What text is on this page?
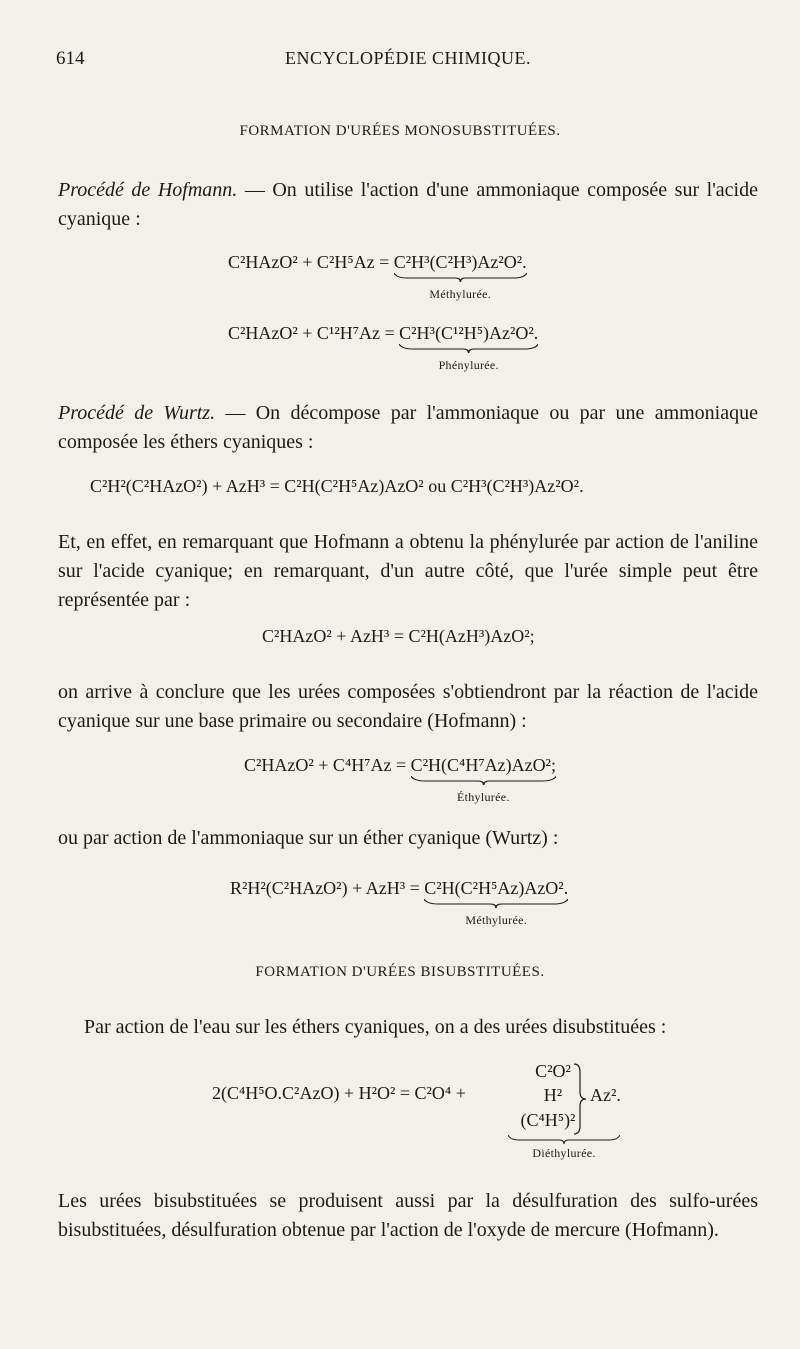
614	ENCYCLOPÉDIE CHIMIQUE.
FORMATION D'URÉES MONOSUBSTITUÉES.
Procédé de Hofmann. — On utilise l'action d'une ammoniaque composée sur l'acide cyanique :
C²HAzO² + C²H⁵Az = C²H³(C²H³)Az²O².
Méthylurée.
C²HAzO² + C¹²H⁷Az = C²H³(C¹²H⁵)Az²O².
Phénylurée.
Procédé de Wurtz. — On décompose par l'ammoniaque ou par une ammoniaque composée les éthers cyaniques :
C²H²(C²HAzO²) + AzH³ = C²H(C²H⁵Az)AzO² ou C²H³(C²H³)Az²O².
Et, en effet, en remarquant que Hofmann a obtenu la phénylurée par action de l'aniline sur l'acide cyanique; en remarquant, d'un autre côté, que l'urée simple peut être représentée par :
C²HAzO² + AzH³ = C²H(AzH³)AzO²;
on arrive à conclure que les urées composées s'obtiendront par la réaction de l'acide cyanique sur une base primaire ou secondaire (Hofmann) :
C²HAzO² + C⁴H⁷Az = C²H(C⁴H⁷Az)AzO²;
Éthylurée.
ou par action de l'ammoniaque sur un éther cyanique (Wurtz) :
R²H²(C²HAzO²) + AzH³ = C²H(C²H⁵Az)AzO².
Méthylurée.
FORMATION D'URÉES BISUBSTITUÉES.
Par action de l'eau sur les éthers cyaniques, on a des urées disubstituées :
2(C⁴H⁵O.C²AzO) + H²O² = C²O⁴ +
C²O²
H²
(C⁴H⁵)²
Az².
Diéthylurée.
Les urées bisubstituées se produisent aussi par la désulfuration des sulfo-urées bisubstituées, désulfuration obtenue par l'action de l'oxyde de mercure (Hofmann).
